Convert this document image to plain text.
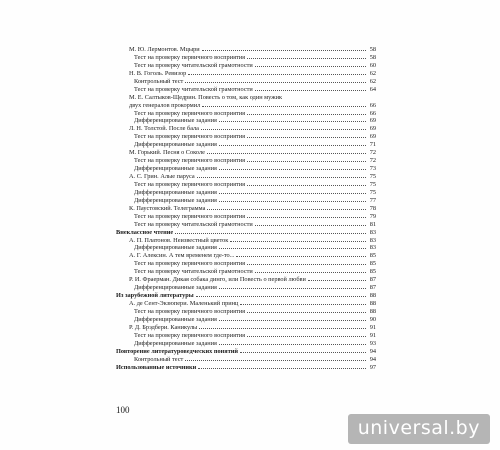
М. Ю. Лермонтов. Мцыри	58
Тест на проверку первичного восприятия	58
Тест на проверку читательской грамотности	60
Н. В. Гоголь. Ревизор	62
Контрольный тест	62
Тест на проверку читательской грамотности	64
М. Е. Салтыков-Щедрин. Повесть о том, как один мужик
двух генералов прокормил	66
Тест на проверку первичного восприятия	66
Дифференцированные задания	69
Л. Н. Толстой. После бала	69
Тест на проверку первичного восприятия	69
Дифференцированные задания	71
М. Горький. Песня о Соколе	72
Тест на проверку первичного восприятия	72
Дифференцированные задания	73
А. С. Грин. Алые паруса	75
Тест на проверку первичного восприятия	75
Дифференцированные задания	75
Дифференцированные задания	77
К. Паустовский. Телеграмма	78
Тест на проверку первичного восприятия	79
Тест на проверку читательской грамотности	81
Внеклассное чтение	83
А. П. Платонов. Неизвестный цветок	83
Дифференцированные задания	83
А. Г. Алексин. А тем временем где-то...	85
Тест на проверку первичного восприятия	85
Тест на проверку читательской грамотности	85
Р. И. Фраерман. Дикая собака динго, или Повесть о первой любви	87
Дифференцированные задания	87
Из зарубежной литературы	88
А. де Сент-Экзюпери. Маленький принц	88
Тест на проверку первичного восприятия	88
Дифференцированные задания	90
Р. Д. Брэдбери. Каникулы	91
Тест на проверку первичного восприятия	91
Дифференцированные задания	93
Повторение литературоведческих понятий	94
Контрольный тест	94
Использованные источники	97
100
universal.by
